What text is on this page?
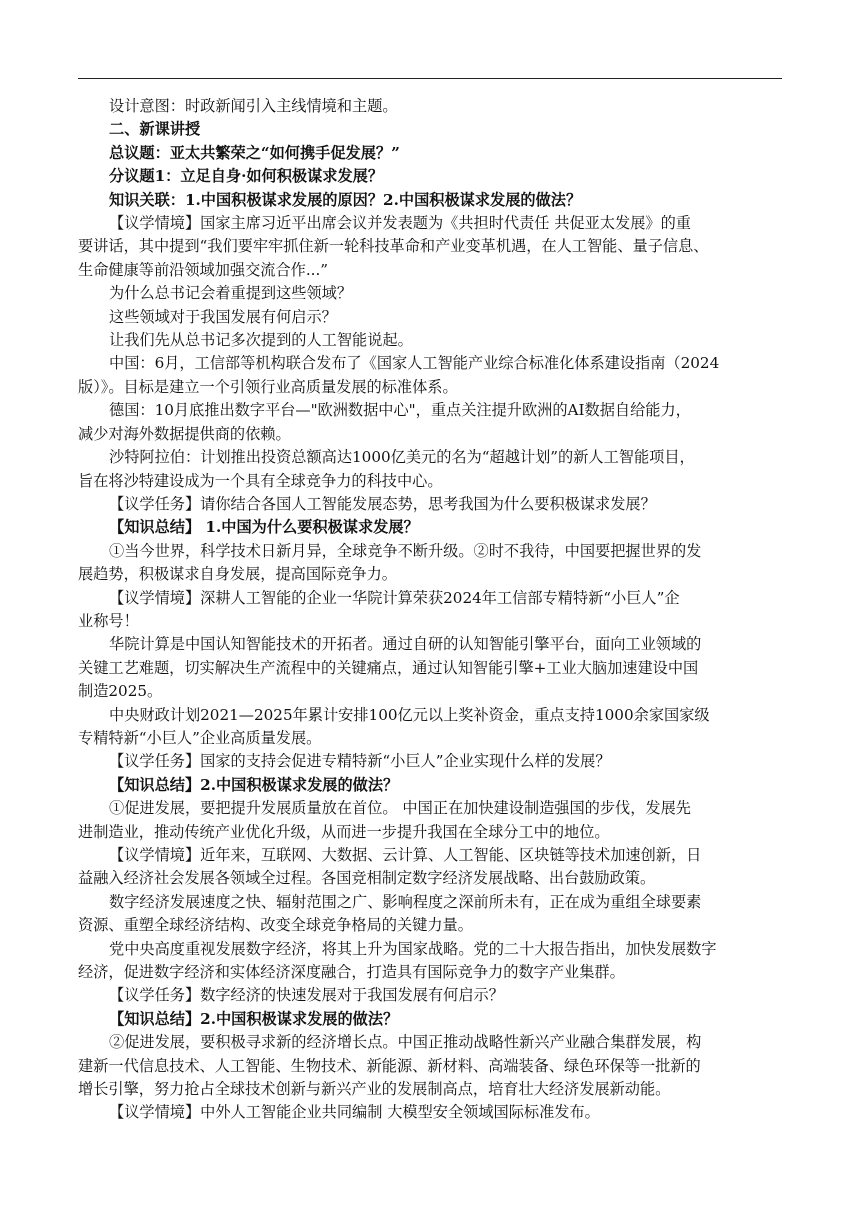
设计意图：时政新闻引入主线情境和主题。
二、新课讲授
总议题：亚太共繁荣之“如何携手促发展？”
分议题1：立足自身·如何积极谋求发展？
知识关联：1.中国积极谋求发展的原因？2.中国积极谋求发展的做法？
【议学情境】国家主席习近平出席会议并发表题为《共担时代责任 共促亚太发展》的重
要讲话，其中提到“我们要牢牢抓住新一轮科技革命和产业变革机遇，在人工智能、量子信息、
生命健康等前沿领域加强交流合作...”
为什么总书记会着重提到这些领域？
这些领域对于我国发展有何启示？
让我们先从总书记多次提到的人工智能说起。
中国：6月，工信部等机构联合发布了《国家人工智能产业综合标准化体系建设指南（2024
版）》。目标是建立一个引领行业高质量发展的标准体系。
德国：10月底推出数字平台—"欧洲数据中心"，重点关注提升欧洲的AI数据自给能力，
减少对海外数据提供商的依赖。
沙特阿拉伯：计划推出投资总额高达1000亿美元的名为“超越计划”的新人工智能项目，
旨在将沙特建设成为一个具有全球竞争力的科技中心。
【议学任务】请你结合各国人工智能发展态势，思考我国为什么要积极谋求发展？
【知识总结】 1.中国为什么要积极谋求发展？
①当今世界，科学技术日新月异，全球竞争不断升级。②时不我待，中国要把握世界的发
展趋势，积极谋求自身发展，提高国际竞争力。
【议学情境】深耕人工智能的企业一华院计算荣获2024年工信部专精特新“小巨人”企
业称号！
华院计算是中国认知智能技术的开拓者。通过自研的认知智能引擎平台，面向工业领域的
关键工艺难题，切实解决生产流程中的关键痛点，通过认知智能引擎+工业大脑加速建设中国
制造2025。
中央财政计划2021—2025年累计安排100亿元以上奖补资金，重点支持1000余家国家级
专精特新“小巨人”企业高质量发展。
【议学任务】国家的支持会促进专精特新“小巨人”企业实现什么样的发展？
【知识总结】2.中国积极谋求发展的做法？
①促进发展，要把提升发展质量放在首位。 中国正在加快建设制造强国的步伐，发展先
进制造业，推动传统产业优化升级，从而进一步提升我国在全球分工中的地位。
【议学情境】近年来，互联网、大数据、云计算、人工智能、区块链等技术加速创新，日
益融入经济社会发展各领域全过程。各国竞相制定数字经济发展战略、出台鼓励政策。
数字经济发展速度之快、辐射范围之广、影响程度之深前所未有，正在成为重组全球要素
资源、重塑全球经济结构、改变全球竞争格局的关键力量。
党中央高度重视发展数字经济，将其上升为国家战略。党的二十大报告指出，加快发展数字
经济，促进数字经济和实体经济深度融合，打造具有国际竞争力的数字产业集群。
【议学任务】数字经济的快速发展对于我国发展有何启示？
【知识总结】2.中国积极谋求发展的做法？
②促进发展，要积极寻求新的经济增长点。中国正推动战略性新兴产业融合集群发展，构
建新一代信息技术、人工智能、生物技术、新能源、新材料、高端装备、绿色环保等一批新的
增长引擎，努力抢占全球技术创新与新兴产业的发展制高点，培育壮大经济发展新动能。
【议学情境】中外人工智能企业共同编制 大模型安全领域国际标准发布。
